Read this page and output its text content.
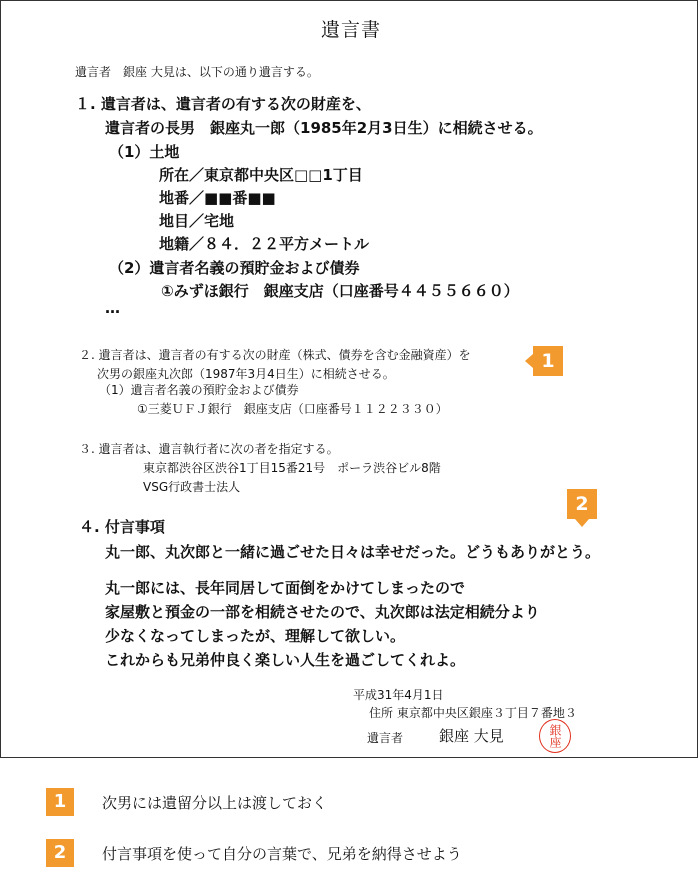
遺言書
遺言者　銀座 大見は、以下の通り遺言する。
１. 遺言者は、遺言者の有する次の財産を、
遺言者の長男　銀座丸一郎（1985年2月3日生）に相続させる。
（1）土地
所在／東京都中央区□□1丁目
地番／■■番■■
地目／宅地
地籍／８４．２２平方メートル
（2）遺言者名義の預貯金および債券
①みずほ銀行　銀座支店（口座番号４４５５６６０）
…
２. 遺言者は、遺言者の有する次の財産（株式、債券を含む金融資産）を
次男の銀座丸次郎（1987年3月4日生）に相続させる。
（1）遺言者名義の預貯金および債券
①三菱ＵＦＪ銀行　銀座支店（口座番号１１２２３３０）
３. 遺言者は、遺言執行者に次の者を指定する。
東京都渋谷区渋谷1丁目15番21号　ポーラ渋谷ビル8階
VSG行政書士法人
４. 付言事項
丸一郎、丸次郎と一緒に過ごせた日々は幸せだった。どうもありがとう。
丸一郎には、長年同居して面倒をかけてしまったので
家屋敷と預金の一部を相続させたので、丸次郎は法定相続分より
少なくなってしまったが、理解して欲しい。
これからも兄弟仲良く楽しい人生を過ごしてくれよ。
平成31年4月1日
住所 東京都中央区銀座３丁目７番地３
遺言者 銀座 大見	銀座
1
2
1	次男には遺留分以上は渡しておく
2	付言事項を使って自分の言葉で、兄弟を納得させよう
